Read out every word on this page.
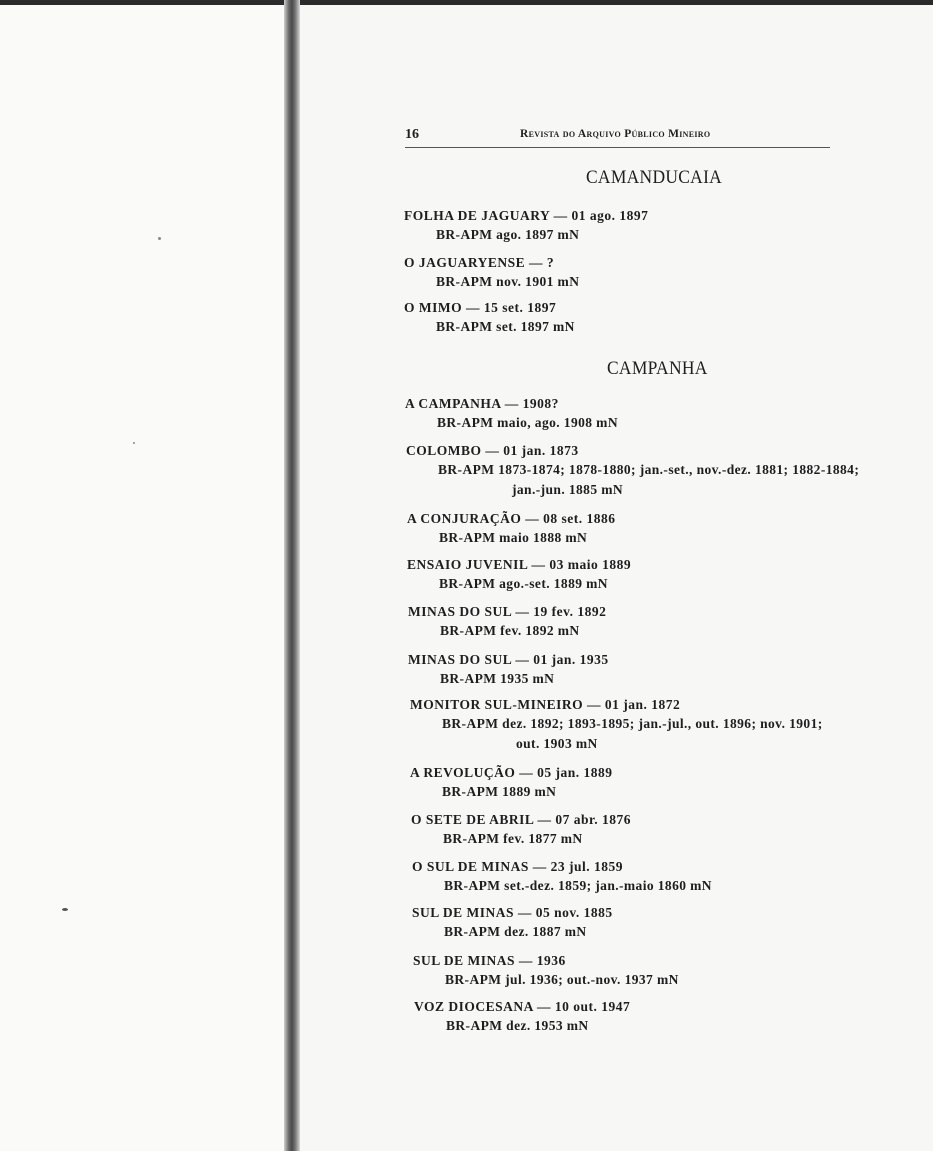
16	Revista do Arquivo Público Mineiro
CAMANDUCAIA
FOLHA DE JAGUARY — 01 ago. 1897
BR-APM ago. 1897 mN
O JAGUARYENSE — ?
BR-APM nov. 1901 mN
O MIMO — 15 set. 1897
BR-APM set. 1897 mN
CAMPANHA
A CAMPANHA — 1908?
BR-APM maio, ago. 1908 mN
COLOMBO — 01 jan. 1873
BR-APM 1873-1874; 1878-1880; jan.-set., nov.-dez. 1881; 1882-1884;
jan.-jun. 1885 mN
A CONJURAÇÃO — 08 set. 1886
BR-APM maio 1888 mN
ENSAIO JUVENIL — 03 maio 1889
BR-APM ago.-set. 1889 mN
MINAS DO SUL — 19 fev. 1892
BR-APM fev. 1892 mN
MINAS DO SUL — 01 jan. 1935
BR-APM 1935 mN
MONITOR SUL-MINEIRO — 01 jan. 1872
BR-APM dez. 1892; 1893-1895; jan.-jul., out. 1896; nov. 1901;
out. 1903 mN
A REVOLUÇÃO — 05 jan. 1889
BR-APM 1889 mN
O SETE DE ABRIL — 07 abr. 1876
BR-APM fev. 1877 mN
O SUL DE MINAS — 23 jul. 1859
BR-APM set.-dez. 1859; jan.-maio 1860 mN
SUL DE MINAS — 05 nov. 1885
BR-APM dez. 1887 mN
SUL DE MINAS — 1936
BR-APM jul. 1936; out.-nov. 1937 mN
VOZ DIOCESANA — 10 out. 1947
BR-APM dez. 1953 mN
